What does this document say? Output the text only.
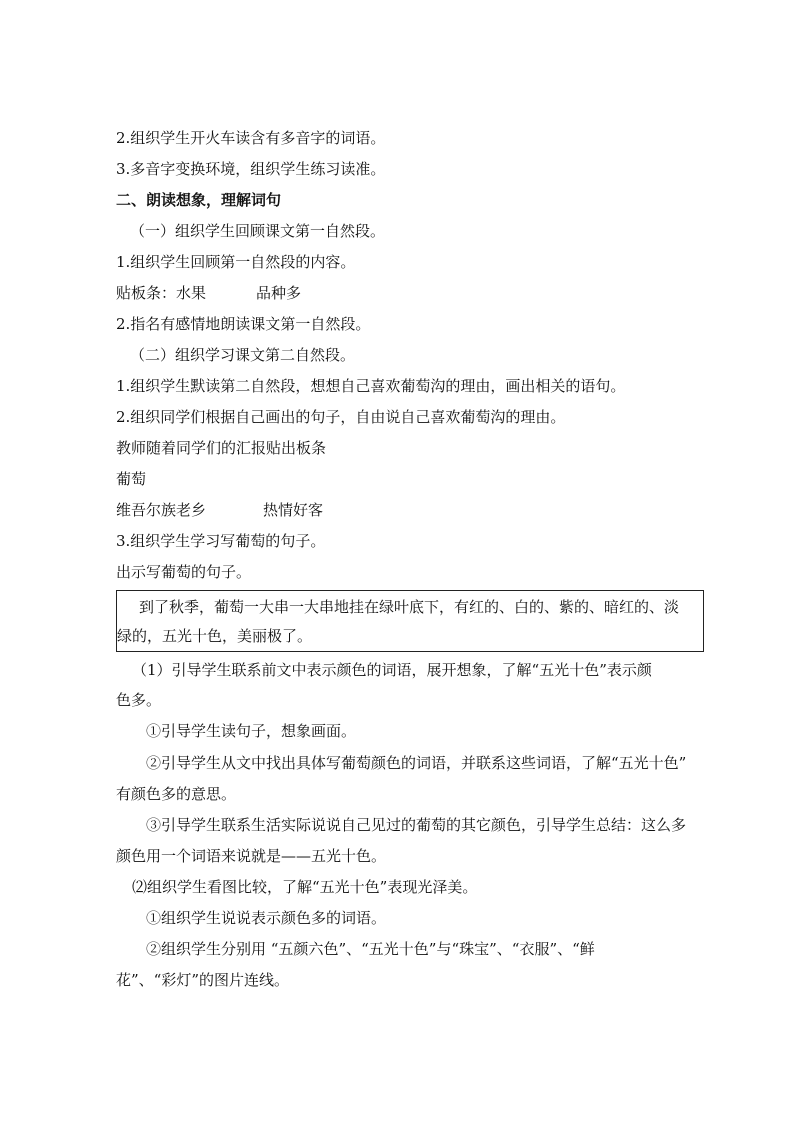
2.组织学生开火车读含有多音字的词语。
3.多音字变换环境，组织学生练习读准。
二、朗读想象，理解词句
（一）组织学生回顾课文第一自然段。
1.组织学生回顾第一自然段的内容。
贴板条：水果	品种多
2.指名有感情地朗读课文第一自然段。
（二）组织学习课文第二自然段。
1.组织学生默读第二自然段，想想自己喜欢葡萄沟的理由，画出相关的语句。
2.组织同学们根据自己画出的句子，自由说自己喜欢葡萄沟的理由。
教师随着同学们的汇报贴出板条
葡萄
维吾尔族老乡	热情好客
3.组织学生学习写葡萄的句子。
出示写葡萄的句子。
到了秋季，葡萄一大串一大串地挂在绿叶底下，有红的、白的、紫的、暗红的、淡
绿的，五光十色，美丽极了。
（1）引导学生联系前文中表示颜色的词语，展开想象，了解“五光十色”表示颜
色多。
①引导学生读句子，想象画面。
②引导学生从文中找出具体写葡萄颜色的词语，并联系这些词语，了解“五光十色”
有颜色多的意思。
③引导学生联系生活实际说说自己见过的葡萄的其它颜色，引导学生总结：这么多
颜色用一个词语来说就是——五光十色。
⑵组织学生看图比较，了解“五光十色”表现光泽美。
①组织学生说说表示颜色多的词语。
②组织学生分别用 “五颜六色”、“五光十色”与“珠宝”、“衣服”、“鲜
花”、“彩灯”的图片连线。
